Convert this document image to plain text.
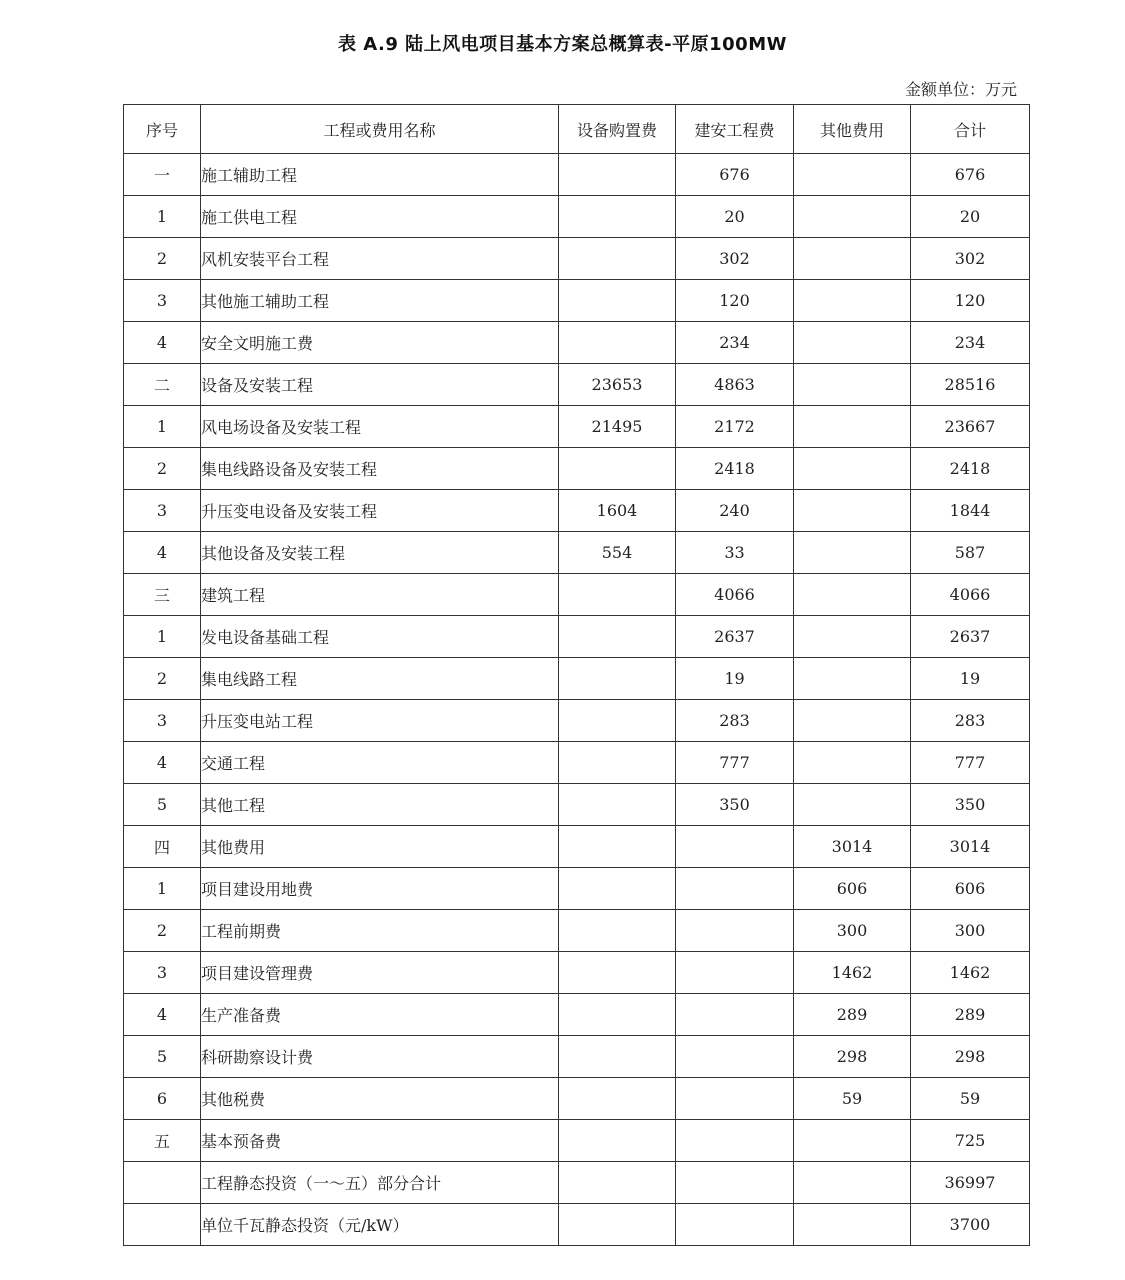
表 A.9 陆上风电项目基本方案总概算表-平原100MW
金额单位：万元
序号	工程或费用名称	设备购置费	建安工程费	其他费用	合计
一	施工辅助工程		676		676
1	施工供电工程		20		20
2	风机安装平台工程		302		302
3	其他施工辅助工程		120		120
4	安全文明施工费		234		234
二	设备及安装工程	23653	4863		28516
1	风电场设备及安装工程	21495	2172		23667
2	集电线路设备及安装工程		2418		2418
3	升压变电设备及安装工程	1604	240		1844
4	其他设备及安装工程	554	33		587
三	建筑工程		4066		4066
1	发电设备基础工程		2637		2637
2	集电线路工程		19		19
3	升压变电站工程		283		283
4	交通工程		777		777
5	其他工程		350		350
四	其他费用			3014	3014
1	项目建设用地费			606	606
2	工程前期费			300	300
3	项目建设管理费			1462	1462
4	生产准备费			289	289
5	科研勘察设计费			298	298
6	其他税费			59	59
五	基本预备费				725
	工程静态投资（一～五）部分合计				36997
	单位千瓦静态投资（元/kW）				3700
